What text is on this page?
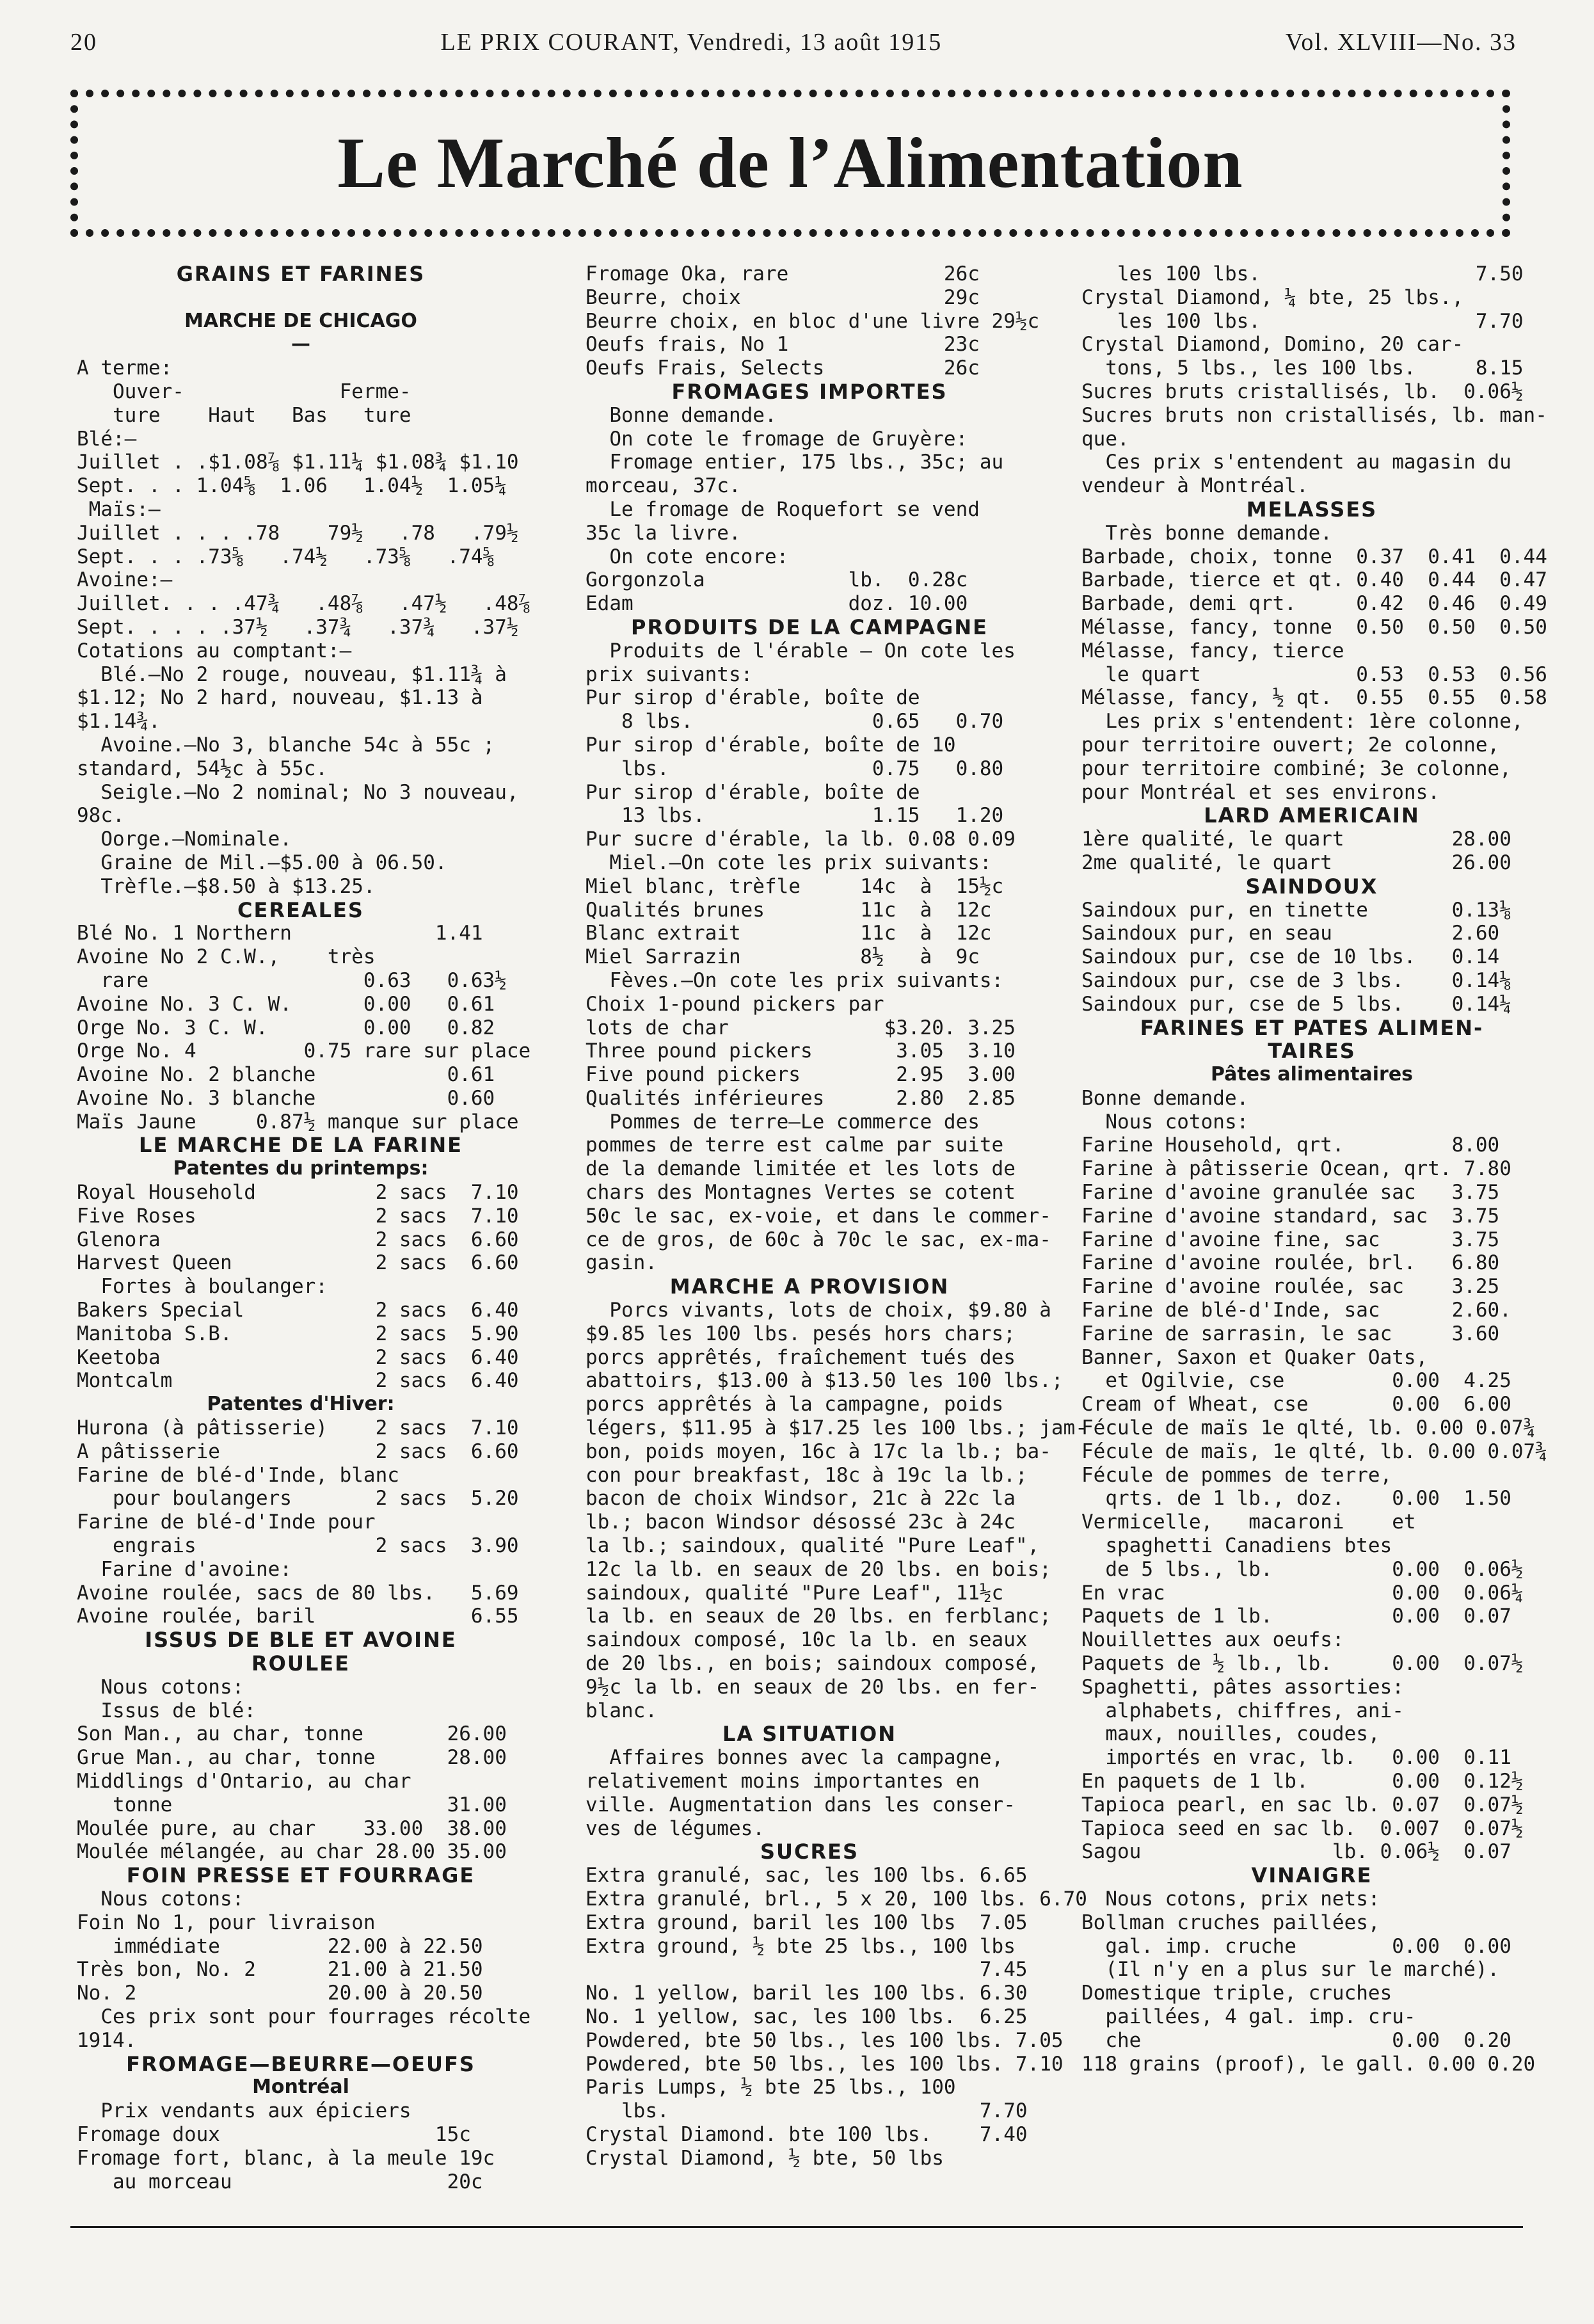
20	LE PRIX COURANT, Vendredi, 13 août 1915	Vol. XLVIII—No. 33
Le Marché de l’Alimentation
GRAINS ET FARINES
MARCHE DE CHICAGO
—
A terme:
Ouver-             Ferme-
ture    Haut   Bas   ture
Blé:—
Juillet . .$1.08⅞ $1.11¼ $1.08¾ $1.10
Sept. . . 1.04⅝  1.06   1.04½  1.05¼
Maïs:—
Juillet . . . .78    79½   .78   .79½
Sept. . . .73⅝   .74½   .73⅝   .74⅝
Avoine:—
Juillet. . . .47¾   .48⅞   .47½   .48⅞
Sept. . . . .37½   .37¾   .37¾   .37½
Cotations au comptant:—
Blé.—No 2 rouge, nouveau, $1.11¾ à
$1.12; No 2 hard, nouveau, $1.13 à
$1.14¾.
Avoine.—No 3, blanche 54c à 55c ;
standard, 54½c à 55c.
Seigle.—No 2 nominal; No 3 nouveau,
98c.
Oorge.—Nominale.
Graine de Mil.—$5.00 à 06.50.
Trèfle.—$8.50 à $13.25.
CEREALES
Blé No. 1 Northern            1.41
Avoine No 2 C.W.,    très
rare                  0.63   0.63½
Avoine No. 3 C. W.      0.00   0.61
Orge No. 3 C. W.        0.00   0.82
Orge No. 4         0.75 rare sur place
Avoine No. 2 blanche           0.61
Avoine No. 3 blanche           0.60
Maïs Jaune     0.87½ manque sur place
LE MARCHE DE LA FARINE
Patentes du printemps:
Royal Household          2 sacs  7.10
Five Roses               2 sacs  7.10
Glenora                  2 sacs  6.60
Harvest Queen            2 sacs  6.60
Fortes à boulanger:
Bakers Special           2 sacs  6.40
Manitoba S.B.            2 sacs  5.90
Keetoba                  2 sacs  6.40
Montcalm                 2 sacs  6.40
Patentes d'Hiver:
Hurona (à pâtisserie)    2 sacs  7.10
A pâtisserie             2 sacs  6.60
Farine de blé-d'Inde, blanc
pour boulangers       2 sacs  5.20
Farine de blé-d'Inde pour
engrais               2 sacs  3.90
Farine d'avoine:
Avoine roulée, sacs de 80 lbs.   5.69
Avoine roulée, baril             6.55
ISSUS DE BLE ET AVOINE
ROULEE
Nous cotons:
Issus de blé:
Son Man., au char, tonne       26.00
Grue Man., au char, tonne      28.00
Middlings d'Ontario, au char
tonne                       31.00
Moulée pure, au char    33.00  38.00
Moulée mélangée, au char 28.00 35.00
FOIN PRESSE ET FOURRAGE
Nous cotons:
Foin No 1, pour livraison
immédiate         22.00 à 22.50
Très bon, No. 2      21.00 à 21.50
No. 2                20.00 à 20.50
Ces prix sont pour fourrages récolte
1914.
FROMAGE—BEURRE—OEUFS
Montréal
Prix vendants aux épiciers
Fromage doux                  15c
Fromage fort, blanc, à la meule 19c
au morceau                  20c
Fromage Oka, rare             26c
Beurre, choix                 29c
Beurre choix, en bloc d'une livre 29½c
Oeufs frais, No 1             23c
Oeufs Frais, Selects          26c
FROMAGES IMPORTES
Bonne demande.
On cote le fromage de Gruyère:
Fromage entier, 175 lbs., 35c; au
morceau, 37c.
Le fromage de Roquefort se vend
35c la livre.
On cote encore:
Gorgonzola            lb.  0.28c
Edam                  doz. 10.00
PRODUITS DE LA CAMPAGNE
Produits de l'érable — On cote les
prix suivants:
Pur sirop d'érable, boîte de
8 lbs.               0.65   0.70
Pur sirop d'érable, boîte de 10
lbs.                 0.75   0.80
Pur sirop d'érable, boîte de
13 lbs.              1.15   1.20
Pur sucre d'érable, la lb. 0.08 0.09
Miel.—On cote les prix suivants:
Miel blanc, trèfle     14c  à  15½c
Qualités brunes        11c  à  12c
Blanc extrait          11c  à  12c
Miel Sarrazin          8½   à  9c
Fèves.—On cote les prix suivants:
Choix 1-pound pickers par
lots de char             $3.20. 3.25
Three pound pickers       3.05  3.10
Five pound pickers        2.95  3.00
Qualités inférieures      2.80  2.85
Pommes de terre—Le commerce des
pommes de terre est calme par suite
de la demande limitée et les lots de
chars des Montagnes Vertes se cotent
50c le sac, ex-voie, et dans le commer-
ce de gros, de 60c à 70c le sac, ex-ma-
gasin.
MARCHE A PROVISION
Porcs vivants, lots de choix, $9.80 à
$9.85 les 100 lbs. pesés hors chars;
porcs apprêtés, fraîchement tués des
abattoirs, $13.00 à $13.50 les 100 lbs.;
porcs apprêtés à la campagne, poids
légers, $11.95 à $17.25 les 100 lbs.; jam-
bon, poids moyen, 16c à 17c la lb.; ba-
con pour breakfast, 18c à 19c la lb.;
bacon de choix Windsor, 21c à 22c la
lb.; bacon Windsor désossé 23c à 24c
la lb.; saindoux, qualité "Pure Leaf",
12c la lb. en seaux de 20 lbs. en bois;
saindoux, qualité "Pure Leaf", 11½c
la lb. en seaux de 20 lbs. en ferblanc;
saindoux composé, 10c la lb. en seaux
de 20 lbs., en bois; saindoux composé,
9½c la lb. en seaux de 20 lbs. en fer-
blanc.
LA SITUATION
Affaires bonnes avec la campagne,
relativement moins importantes en
ville. Augmentation dans les conser-
ves de légumes.
SUCRES
Extra granulé, sac, les 100 lbs. 6.65
Extra granulé, brl., 5 x 20, 100 lbs. 6.70
Extra ground, baril les 100 lbs  7.05
Extra ground, ½ bte 25 lbs., 100 lbs
7.45
No. 1 yellow, baril les 100 lbs. 6.30
No. 1 yellow, sac, les 100 lbs.  6.25
Powdered, bte 50 lbs., les 100 lbs. 7.05
Powdered, bte 50 lbs., les 100 lbs. 7.10
Paris Lumps, ½ bte 25 lbs., 100
lbs.                          7.70
Crystal Diamond. bte 100 lbs.    7.40
Crystal Diamond, ½ bte, 50 lbs
les 100 lbs.                  7.50
Crystal Diamond, ¼ bte, 25 lbs.,
les 100 lbs.                  7.70
Crystal Diamond, Domino, 20 car-
tons, 5 lbs., les 100 lbs.     8.15
Sucres bruts cristallisés, lb.  0.06½
Sucres bruts non cristallisés, lb. man-
que.
Ces prix s'entendent au magasin du
vendeur à Montréal.
MELASSES
Très bonne demande.
Barbade, choix, tonne  0.37  0.41  0.44
Barbade, tierce et qt. 0.40  0.44  0.47
Barbade, demi qrt.     0.42  0.46  0.49
Mélasse, fancy, tonne  0.50  0.50  0.50
Mélasse, fancy, tierce
le quart             0.53  0.53  0.56
Mélasse, fancy, ½ qt.  0.55  0.55  0.58
Les prix s'entendent: 1ère colonne,
pour territoire ouvert; 2e colonne,
pour territoire combiné; 3e colonne,
pour Montréal et ses environs.
LARD AMERICAIN
1ère qualité, le quart         28.00
2me qualité, le quart          26.00
SAINDOUX
Saindoux pur, en tinette       0.13⅛
Saindoux pur, en seau          2.60
Saindoux pur, cse de 10 lbs.   0.14
Saindoux pur, cse de 3 lbs.    0.14⅛
Saindoux pur, cse de 5 lbs.    0.14¼
FARINES ET PATES ALIMEN-
TAIRES
Pâtes alimentaires
Bonne demande.
Nous cotons:
Farine Household, qrt.         8.00
Farine à pâtisserie Ocean, qrt. 7.80
Farine d'avoine granulée sac   3.75
Farine d'avoine standard, sac  3.75
Farine d'avoine fine, sac      3.75
Farine d'avoine roulée, brl.   6.80
Farine d'avoine roulée, sac    3.25
Farine de blé-d'Inde, sac      2.60.
Farine de sarrasin, le sac     3.60
Banner, Saxon et Quaker Oats,
et Ogilvie, cse         0.00  4.25
Cream of Wheat, cse       0.00  6.00
Fécule de maïs 1e qlté, lb. 0.00 0.07¾
Fécule de maïs, 1e qlté, lb. 0.00 0.07¾
Fécule de pommes de terre,
qrts. de 1 lb., doz.    0.00  1.50
Vermicelle,   macaroni    et
spaghetti Canadiens btes
de 5 lbs., lb.          0.00  0.06½
En vrac                   0.00  0.06¼
Paquets de 1 lb.          0.00  0.07
Nouillettes aux oeufs:
Paquets de ½ lb., lb.     0.00  0.07½
Spaghetti, pâtes assorties:
alphabets, chiffres, ani-
maux, nouilles, coudes,
importés en vrac, lb.   0.00  0.11
En paquets de 1 lb.       0.00  0.12½
Tapioca pearl, en sac lb. 0.07  0.07½
Tapioca seed en sac lb.  0.007  0.07½
Sagou                lb. 0.06½  0.07
VINAIGRE
Nous cotons, prix nets:
Bollman cruches paillées,
gal. imp. cruche        0.00  0.00
(Il n'y en a plus sur le marché).
Domestique triple, cruches
paillées, 4 gal. imp. cru-
che                     0.00  0.20
118 grains (proof), le gall. 0.00 0.20
